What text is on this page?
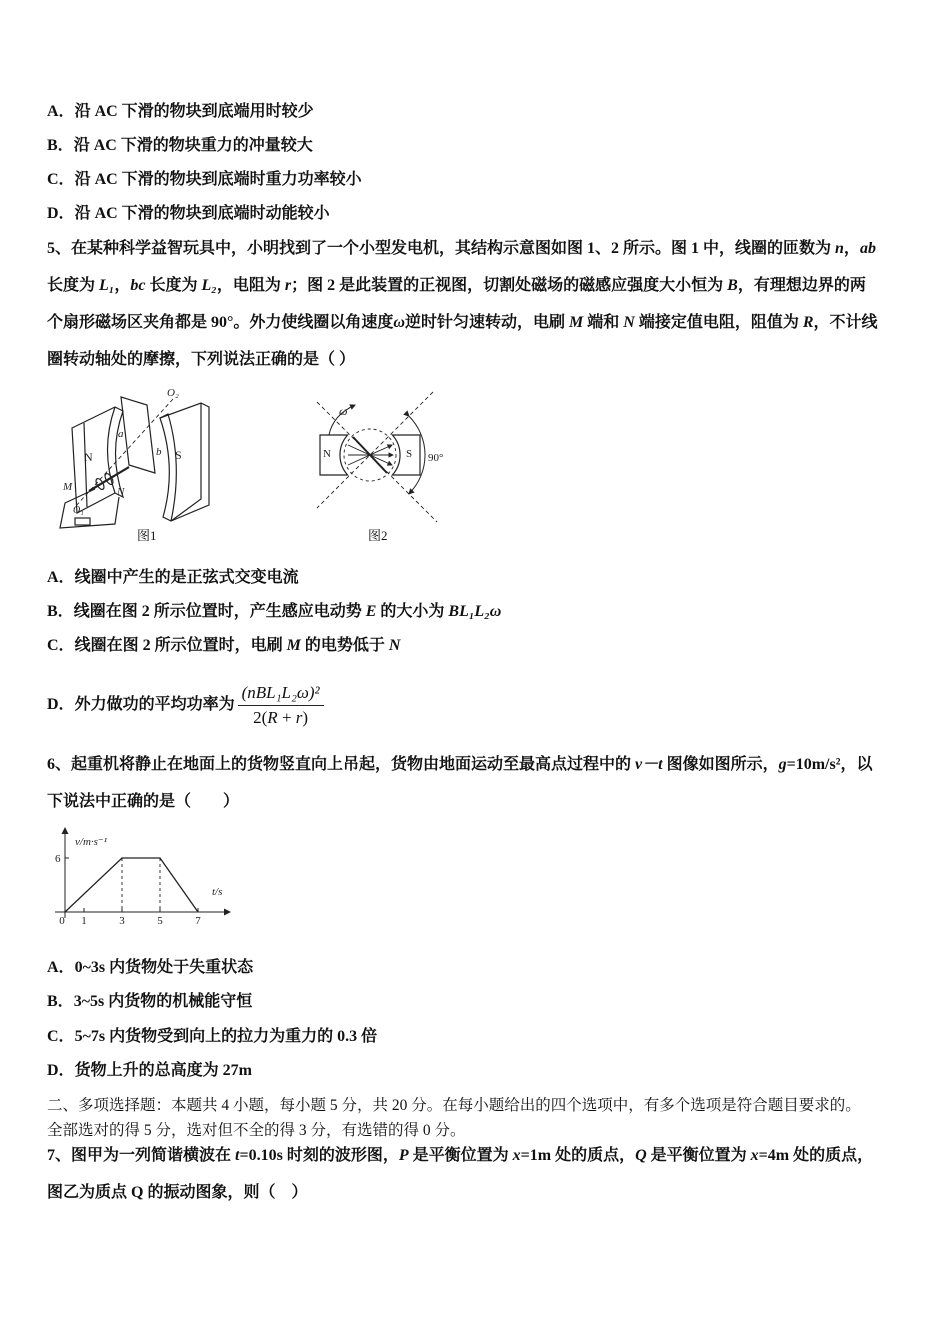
A．沿 AC 下滑的物块到底端用时较少
B．沿 AC 下滑的物块重力的冲量较大
C．沿 AC 下滑的物块到底端时重力功率较小
D．沿 AC 下滑的物块到底端时动能较小
5、在某种科学益智玩具中，小明找到了一个小型发电机，其结构示意图如图 1、2 所示。图 1 中，线圈的匝数为 n，ab
长度为 L₁，bc 长度为 L₂，电阻为 r；图 2 是此装置的正视图，切割处磁场的磁感应强度大小恒为 B，有理想边界的两
个扇形磁场区夹角都是 90°。外力使线圈以角速度ω逆时针匀速转动，电刷 M 端和 N 端接定值电阻，阻值为 R，不计线
圈转动轴处的摩擦，下列说法正确的是（ ）
O₂
N	S
a
b
M	N
O₁
图1
ω
N	S 90°
图2
A．线圈中产生的是正弦式交变电流
B．线圈在图 2 所示位置时，产生感应电动势 E 的大小为 BL₁L₂ω
C．线圈在图 2 所示位置时，电刷 M 的电势低于 N
D．外力做功的平均功率为 $\frac{\text{(nBL₁L₂ω)²}}{2(R + r)}$
6、起重机将静止在地面上的货物竖直向上吊起，货物由地面运动至最高点过程中的 v－t 图像如图所示，g=10m/s²，以
下说法中正确的是（　　）
v/m·s⁻¹
t/s
6
0 1	3	5	7
A．0~3s 内货物处于失重状态
B．3~5s 内货物的机械能守恒
C．5~7s 内货物受到向上的拉力为重力的 0.3 倍
D．货物上升的总高度为 27m
二、多项选择题：本题共 4 小题，每小题 5 分，共 20 分。在每小题给出的四个选项中，有多个选项是符合题目要求的。
全部选对的得 5 分，选对但不全的得 3 分，有选错的得 0 分。
7、图甲为一列简谐横波在 t=0.10s 时刻的波形图，P 是平衡位置为 x=1m 处的质点，Q 是平衡位置为 x=4m 处的质点，
图乙为质点 Q 的振动图象，则（　）
